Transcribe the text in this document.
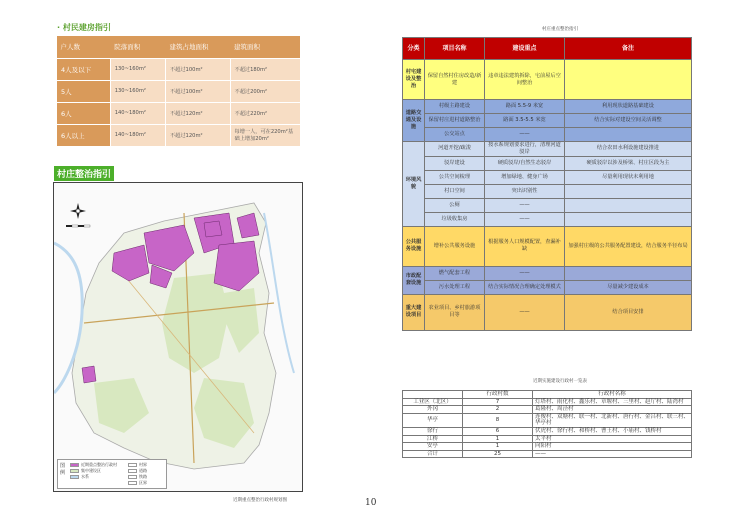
· 村民建房指引
户人数	院落面积	建筑占地面积	建筑面积
4人及以下	130~160m²	不超过100m²	不超过180m²
5人	130~160m²	不超过100m²	不超过200m²
6人	140~180m²	不超过120m²	不超过220m²
6人以上	140~180m²	不超过120m²	每增一人，可在220m²基础上增加20m²
村庄整治指引
图 例
近期重点整治行政村
集中建设区
水系
村界
道路
铁路
区界
近期重点整治行政村规划图	10
村庄重点整治指引
分类	项目名称	建设重点	备注
村宅建设及整治	保留自然村住房改造/新建	违章违法建筑拆除，宅前屋后空间整治	
道路交通及设施	村级主路建设	路面 5.5-9 米宽	利用现状道路基础建设
	保留村庄进村道路整治	路面 3.5-5.5 米宽	结合实际对建设空间灵活调整
	公交站点	——	
环境风貌	河道开挖/疏浚	按水系规划要求进行，清理河道驳岸	结合农田水利设施建设推进
	驳岸建设	硬质驳岸/自然生态驳岸	硬质驳岸以涉及桥梁、村庄区段为主
	公共空间梳理	增加绿地、健身广场	尽量利用现状未利用地
	村口空间	突出识别性	
	公厕	——	
	垃圾收集房	——	
公共服务设施	增补公共服务设施	根据服务人口规模配置，查漏补缺	加强村庄级的公共服务配置建设，结合服务半径布局
市政配套设施	燃气配套工程	——	
	污水处理工程	结合实际情况合理确定处理模式	尽量减少建设成本
重大建设项目	农业项目、乡村旅游项目等	——	结合项目安排
近期实施建设行政村一览表
	行政村数	行政村名称
工业区（北区）	7	灯塔村、雨化村、鑫乐村、章堰村、三里村、赵厅村、陆湾村
外冈	2	葛隆村、周泾村
华亭	8	连俊村、双塘村、联一村、北新村、唐行村、金吕村、联三村、华亭村
徐行	6	伏虎村、徐行村、和桥村、曹王村、小庙村、钱桥村
江桥	1	太平村
安亭	1	向阳村
合计	25	——
